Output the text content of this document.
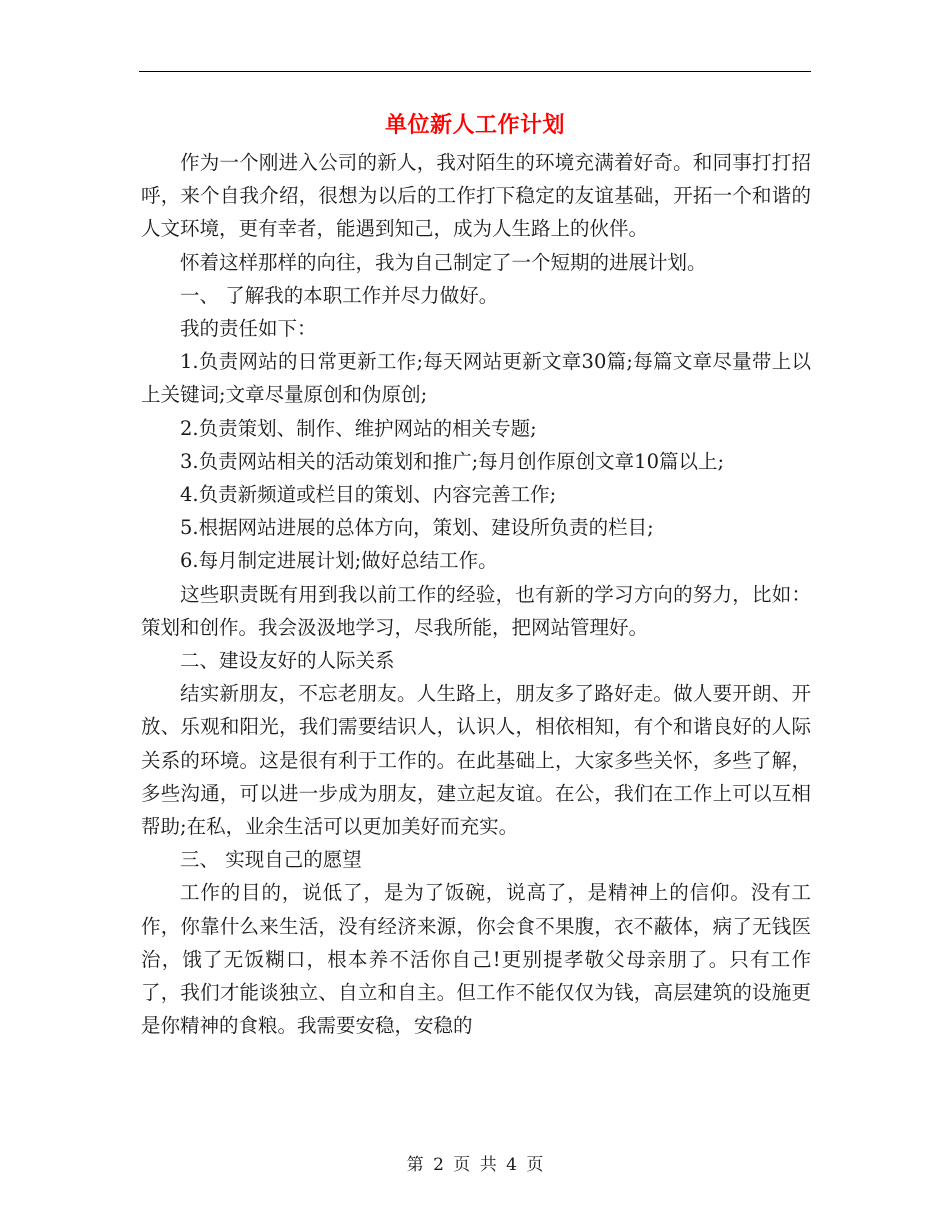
单位新人工作计划

作为一个刚进入公司的新人，我对陌生的环境充满着好奇。和同事打打招呼，来个自我介绍，很想为以后的工作打下稳定的友谊基础，开拓一个和谐的人文环境，更有幸者，能遇到知己，成为人生路上的伙伴。

怀着这样那样的向往，我为自己制定了一个短期的进展计划。

一、 了解我的本职工作并尽力做好。

我的责任如下：

1.负责网站的日常更新工作;每天网站更新文章30篇;每篇文章尽量带上以上关键词;文章尽量原创和伪原创;

2.负责策划、制作、维护网站的相关专题;

3.负责网站相关的活动策划和推广;每月创作原创文章10篇以上;

4.负责新频道或栏目的策划、内容完善工作;

5.根据网站进展的总体方向，策划、建设所负责的栏目;

6.每月制定进展计划;做好总结工作。

这些职责既有用到我以前工作的经验，也有新的学习方向的努力，比如：策划和创作。我会汲汲地学习，尽我所能，把网站管理好。

二、建设友好的人际关系

结实新朋友，不忘老朋友。人生路上，朋友多了路好走。做人要开朗、开放、乐观和阳光，我们需要结识人，认识人，相依相知，有个和谐良好的人际关系的环境。这是很有利于工作的。在此基础上，大家多些关怀，多些了解，多些沟通，可以进一步成为朋友，建立起友谊。在公，我们在工作上可以互相帮助;在私，业余生活可以更加美好而充实。

三、 实现自己的愿望

工作的目的，说低了，是为了饭碗，说高了，是精神上的信仰。没有工作，你靠什么来生活，没有经济来源，你会食不果腹，衣不蔽体，病了无钱医治，饿了无饭糊口，根本养不活你自己!更别提孝敬父母亲朋了。只有工作了，我们才能谈独立、自立和自主。但工作不能仅仅为钱，高层建筑的设施更是你精神的食粮。我需要安稳，安稳的

第 2 页 共 4 页
